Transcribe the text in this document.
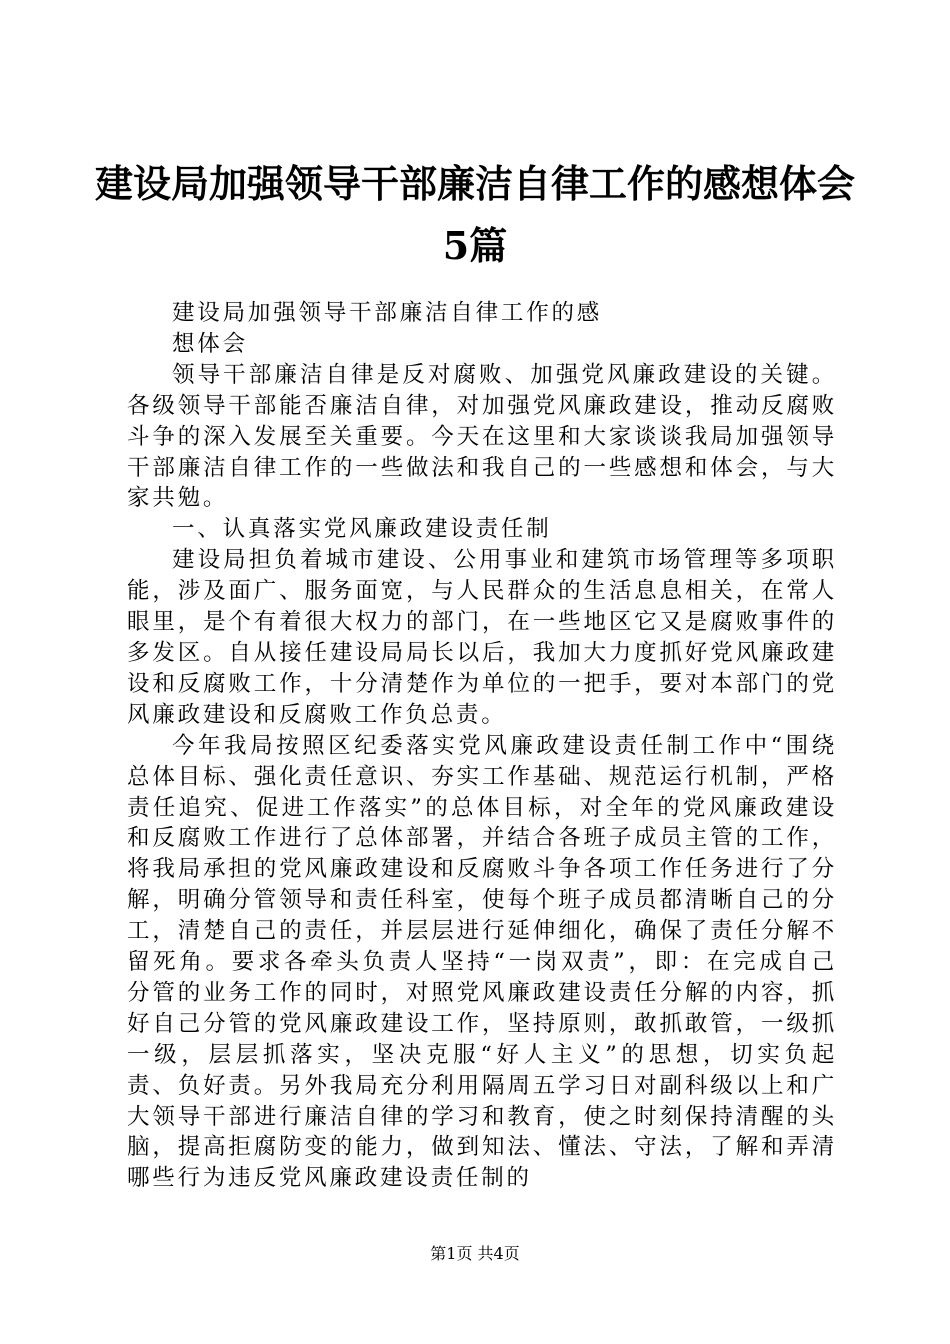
建设局加强领导干部廉洁自律工作的感想体会
5篇

建设局加强领导干部廉洁自律工作的感

想体会

领导干部廉洁自律是反对腐败、加强党风廉政建设的关键。各级领导干部能否廉洁自律，对加强党风廉政建设，推动反腐败斗争的深入发展至关重要。今天在这里和大家谈谈我局加强领导干部廉洁自律工作的一些做法和我自己的一些感想和体会，与大家共勉。

一、认真落实党风廉政建设责任制

建设局担负着城市建设、公用事业和建筑市场管理等多项职能，涉及面广、服务面宽，与人民群众的生活息息相关，在常人眼里，是个有着很大权力的部门，在一些地区它又是腐败事件的多发区。自从接任建设局局长以后，我加大力度抓好党风廉政建设和反腐败工作，十分清楚作为单位的一把手，要对本部门的党风廉政建设和反腐败工作负总责。

今年我局按照区纪委落实党风廉政建设责任制工作中“围绕总体目标、强化责任意识、夯实工作基础、规范运行机制，严格责任追究、促进工作落实”的总体目标，对全年的党风廉政建设和反腐败工作进行了总体部署，并结合各班子成员主管的工作，将我局承担的党风廉政建设和反腐败斗争各项工作任务进行了分解，明确分管领导和责任科室，使每个班子成员都清晰自己的分工，清楚自己的责任，并层层进行延伸细化，确保了责任分解不留死角。要求各牵头负责人坚持“一岗双责”，即：在完成自己分管的业务工作的同时，对照党风廉政建设责任分解的内容，抓好自己分管的党风廉政建设工作，坚持原则，敢抓敢管，一级抓一级，层层抓落实，坚决克服“好人主义”的思想，切实负起责、负好责。另外我局充分利用隔周五学习日对副科级以上和广大领导干部进行廉洁自律的学习和教育，使之时刻保持清醒的头脑，提高拒腐防变的能力，做到知法、懂法、守法，了解和弄清哪些行为违反党风廉政建设责任制的

第1页 共4页
